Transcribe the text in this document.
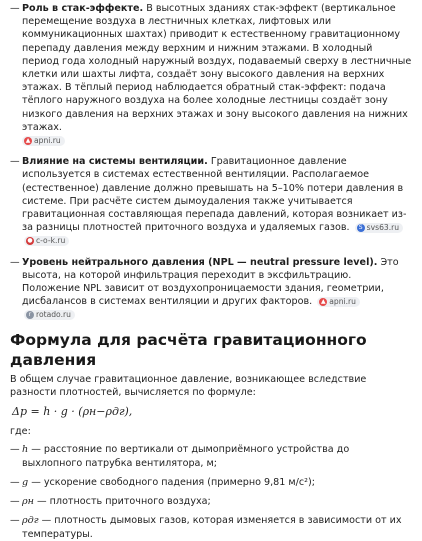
— Роль в стак-эффекте. В высотных зданиях стак-эффект (вертикальное перемещение воздуха в лестничных клетках, лифтовых или коммуникационных шахтах) приводит к естественному гравитационному перепаду давления между верхним и нижним этажами. В холодный период года холодный наружный воздух, подаваемый сверху в лестничные клетки или шахты лифта, создаёт зону высокого давления на верхних этажах. В тёплый период наблюдается обратный стак-эффект: подача тёплого наружного воздуха на более холодные лестницы создаёт зону низкого давления на верхних этажах и зону высокого давления на нижних этажах.

▲ apni.ru
— Влияние на системы вентиляции. Гравитационное давление используется в системах естественной вентиляции. Располагаемое (естественное) давление должно превышать на 5–10% потери давления в системе. При расчёте систем дымоудаления также учитывается гравитационная составляющая перепада давлений, которая возникает из-за разницы плотностей приточного воздуха и удаляемых газов.	S svs63.ru

● c-o-k.ru
— Уровень нейтрального давления (NPL — neutral pressure level). Это высота, на которой инфильтрация переходит в эксфильтрацию. Положение NPL зависит от воздухопроницаемости здания, геометрии, дисбалансов в системах вентиляции и других факторов. ▲ apni.ru

r rotado.ru
Формула для расчёта гравитационного давления

В общем случае гравитационное давление, возникающее вследствие разности плотностей, вычисляется по формуле:

Δp = h · g · (ρн−ρдг),

где:

— h — расстояние по вертикали от дымоприёмного устройства до выхлопного патрубка вентилятора, м;
— g — ускорение свободного падения (примерно 9,81 м/с²);
— ρн — плотность приточного воздуха;
— ρдг — плотность дымовых газов, которая изменяется в зависимости от их температуры.
